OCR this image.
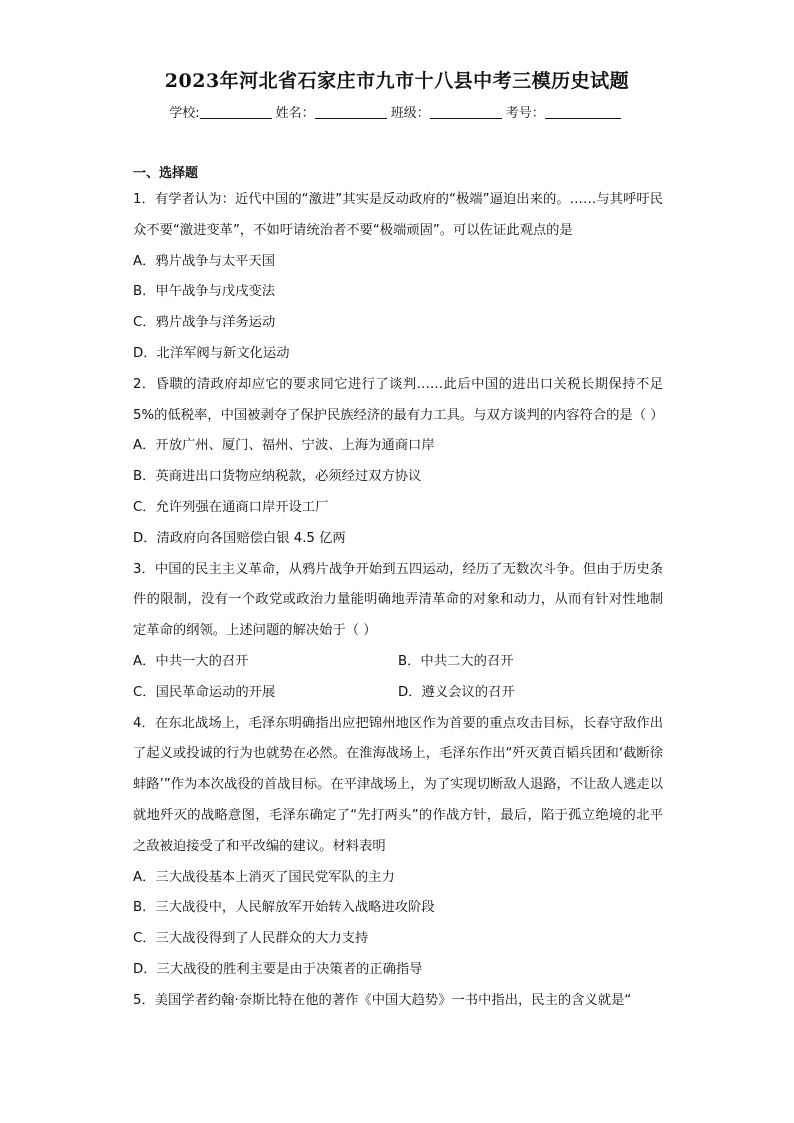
2023年河北省石家庄市九市十八县中考三模历史试题
学校:	姓名：	班级：	考号：
一、选择题
1．有学者认为：近代中国的“激进”其实是反动政府的“极端”逼迫出来的。……与其呼吁民众不要“激进变革”，不如吁请统治者不要“极端顽固”。可以佐证此观点的是
A．鸦片战争与太平天国
B．甲午战争与戊戌变法
C．鸦片战争与洋务运动
D．北洋军阀与新文化运动
2．昏聩的清政府却应它的要求同它进行了谈判……此后中国的进出口关税长期保持不足 5%的低税率，中国被剥夺了保护民族经济的最有力工具。与双方谈判的内容符合的是（ ）
A．开放广州、厦门、福州、宁波、上海为通商口岸
B．英商进出口货物应纳税款，必须经过双方协议
C．允许列强在通商口岸开设工厂
D．清政府向各国赔偿白银 4.5 亿两
3．中国的民主主义革命，从鸦片战争开始到五四运动，经历了无数次斗争。但由于历史条件的限制，没有一个政党或政治力量能明确地弄清革命的对象和动力，从而有针对性地制定革命的纲领。上述问题的解决始于（ ）
A．中共一大的召开	B．中共二大的召开
C．国民革命运动的开展	D．遵义会议的召开
4．在东北战场上，毛泽东明确指出应把锦州地区作为首要的重点攻击目标，长春守敌作出了起义或投诚的行为也就势在必然。在淮海战场上，毛泽东作出“歼灭黄百韬兵团和‘截断徐蚌路’”作为本次战役的首战目标。在平津战场上，为了实现切断敌人退路，不让敌人逃走以就地歼灭的战略意图，毛泽东确定了“先打两头”的作战方针，最后，陷于孤立绝境的北平之敌被迫接受了和平改编的建议。材料表明
A．三大战役基本上消灭了国民党军队的主力
B．三大战役中，人民解放军开始转入战略进攻阶段
C．三大战役得到了人民群众的大力支持
D．三大战役的胜利主要是由于决策者的正确指导
5．美国学者约翰·奈斯比特在他的著作《中国大趋势》一书中指出，民主的含义就是“
